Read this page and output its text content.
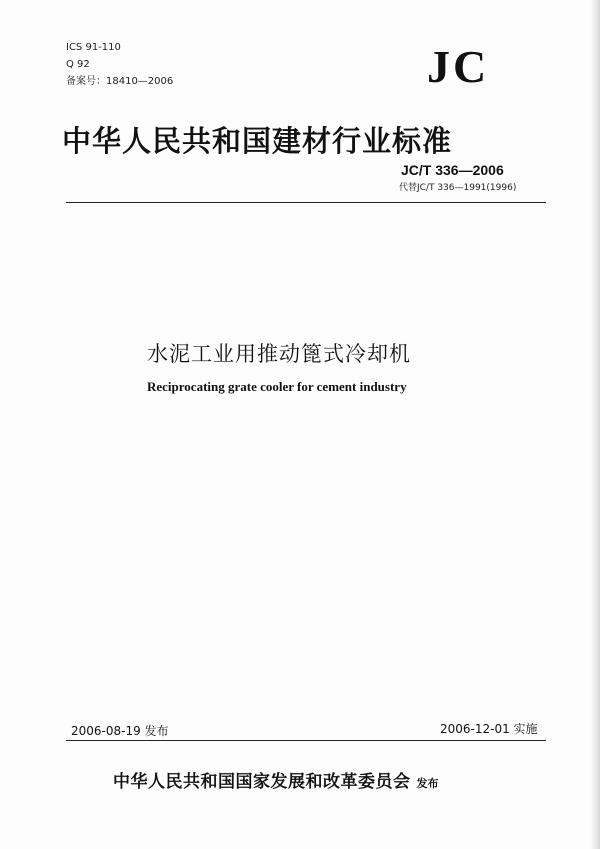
ICS 91-110
Q 92
备案号：18410—2006	JC
中华人民共和国建材行业标准
JC/T 336—2006
代替JC/T 336—1991(1996)
水泥工业用推动篦式冷却机
Reciprocating grate cooler for cement industry
2006-08-19 发布	2006-12-01 实施
中华人民共和国国家发展和改革委员会 发布
